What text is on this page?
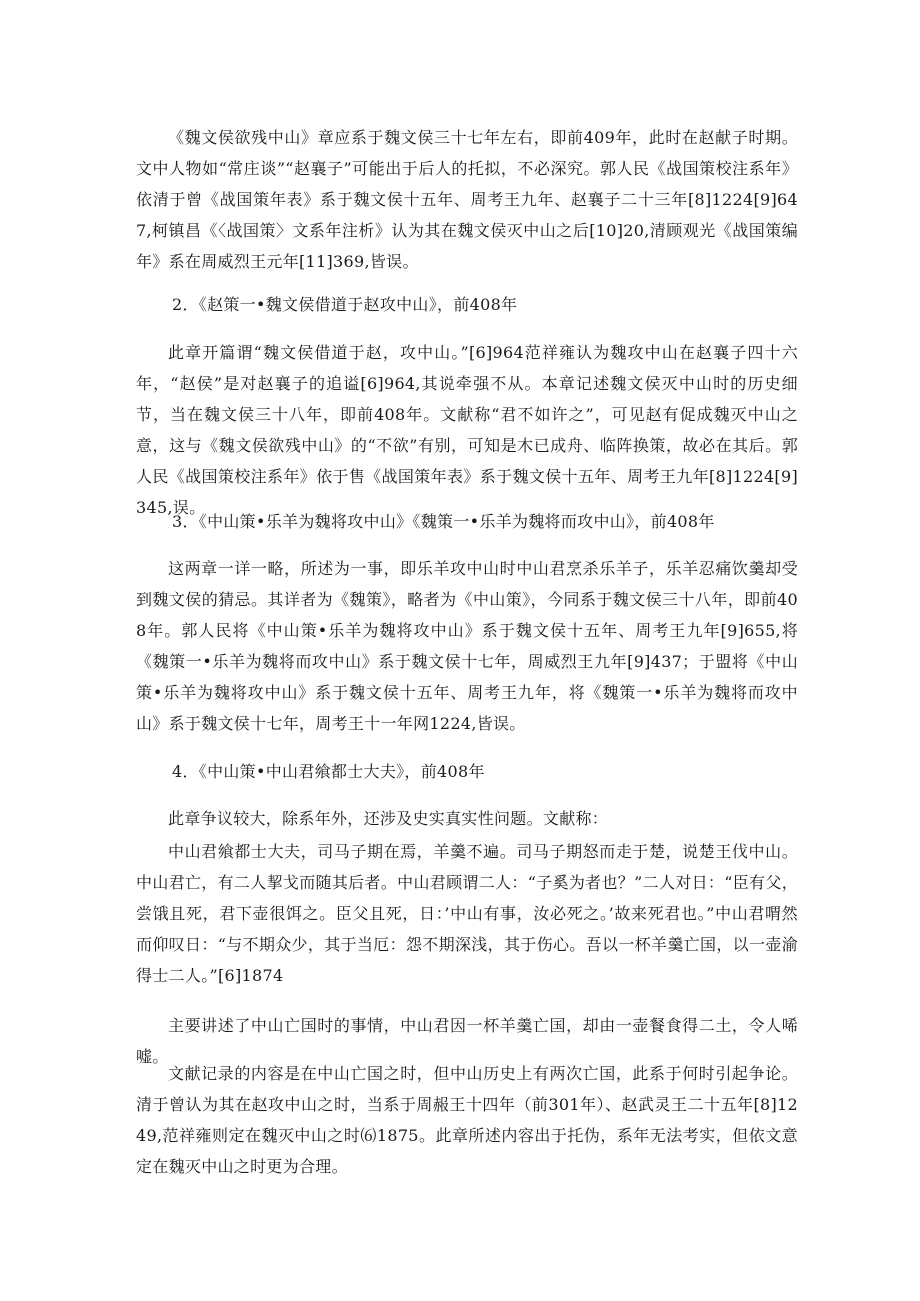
《魏文侯欲残中山》章应系于魏文侯三十七年左右，即前409年，此时在赵献子时期。文中人物如“常庄谈”“赵襄子”可能出于后人的托拟，不必深究。郭人民《战国策校注系年》依清于曾《战国策年表》系于魏文侯十五年、周考王九年、赵襄子二十三年[8]1224[9]647,柯镇昌《〈战国策〉文系年注析》认为其在魏文侯灭中山之后[10]20,清顾观光《战国策编年》系在周威烈王元年[11]369,皆误。

2．《赵策一•魏文侯借道于赵攻中山》，前408年

此章开篇谓“魏文侯借道于赵，攻中山。”[6]964范祥雍认为魏攻中山在赵襄子四十六年，“赵侯”是对赵襄子的追谥[6]964,其说牵强不从。本章记述魏文侯灭中山时的历史细节，当在魏文侯三十八年，即前408年。文献称“君不如许之”，可见赵有促成魏灭中山之意，这与《魏文侯欲残中山》的“不欲”有别，可知是木已成舟、临阵换策，故必在其后。郭人民《战国策校注系年》依于售《战国策年表》系于魏文侯十五年、周考王九年[8]1224[9]345,误。

3．《中山策•乐羊为魏将攻中山》《魏策一•乐羊为魏将而攻中山》，前408年

这两章一详一略，所述为一事，即乐羊攻中山时中山君烹杀乐羊子，乐羊忍痛饮羹却受到魏文侯的猜忌。其详者为《魏策》，略者为《中山策》，今同系于魏文侯三十八年，即前408年。郭人民将《中山策•乐羊为魏将攻中山》系于魏文侯十五年、周考王九年[9]655,将《魏策一•乐羊为魏将而攻中山》系于魏文侯十七年，周威烈王九年[9]437；于盟将《中山策•乐羊为魏将攻中山》系于魏文侯十五年、周考王九年，将《魏策一•乐羊为魏将而攻中山》系于魏文侯十七年，周考王十一年网1224,皆误。

4．《中山策•中山君飨都士大夫》，前408年

此章争议较大，除系年外，还涉及史实真实性问题。文献称：

中山君飨都士大夫，司马子期在焉，羊羹不遍。司马子期怒而走于楚，说楚王伐中山。中山君亡，有二人挈戈而随其后者。中山君顾谓二人：“子奚为者也？”二人对日：“臣有父，尝饿且死，君下壶很饵之。臣父且死，日：’中山有事，汝必死之。’故来死君也。”中山君喟然而仰叹日：“与不期众少，其于当厄：怨不期深浅，其于伤心。吾以一杯羊羹亡国，以一壶渝得士二人。”[6]1874

主要讲述了中山亡国时的事情，中山君因一杯羊羹亡国，却由一壶餐食得二土，令人唏嘘。

文献记录的内容是在中山亡国之时，但中山历史上有两次亡国，此系于何时引起争论。清于曾认为其在赵攻中山之时，当系于周赧王十四年（前301年）、赵武灵王二十五年[8]1249,范祥雍则定在魏灭中山之时⑹1875。此章所述内容出于托伪，系年无法考实，但依文意定在魏灭中山之时更为合理。
